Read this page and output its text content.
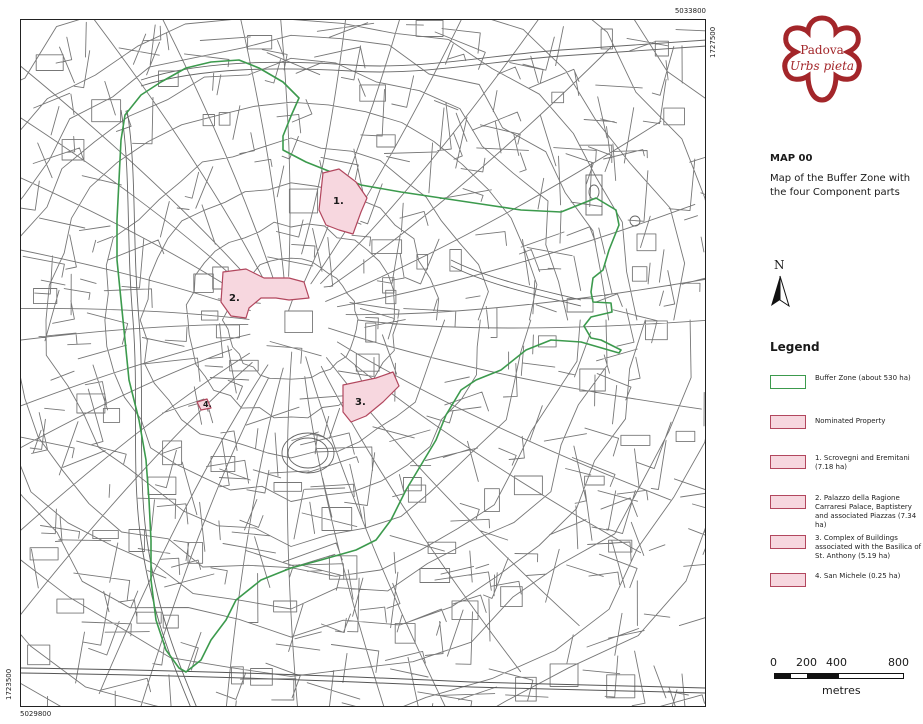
5033800
5029800
1727500
1723500
1.
2.
3.
4.
Padova
Urbs pieta
MAP 00
Map of the Buffer Zone with the four Component parts
N
Legend
Buffer Zone (about 530 ha)
Nominated Property
1. Scrovegni and Eremitani (7.18 ha)
2. Palazzo della Ragione Carraresi Palace, Baptistery and associated Piazzas (7.34 ha)
3. Complex of Buildings associated with the Basilica of St. Anthony (5.19 ha)
4. San Michele (0.25 ha)
0 200 400	800
metres
